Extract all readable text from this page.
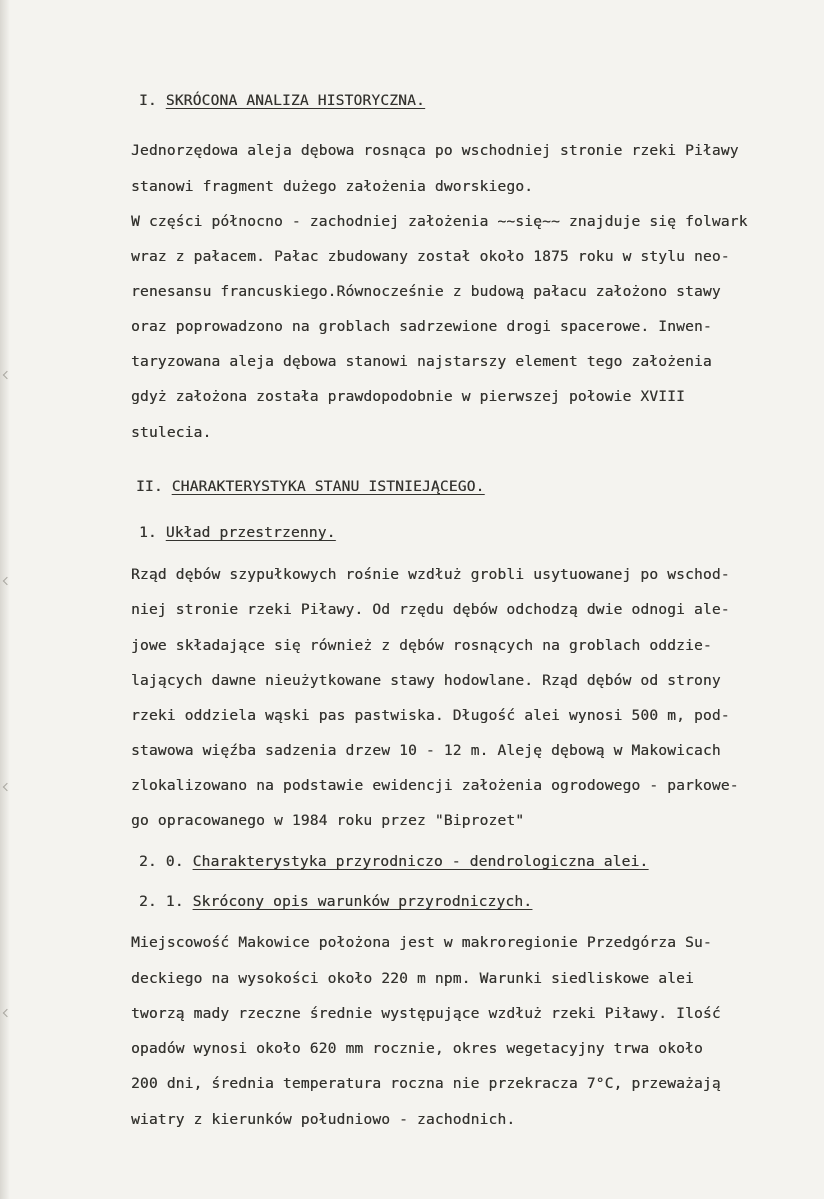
I. SKRÓCONA ANALIZA HISTORYCZNA.
Jednorzędowa aleja dębowa rosnąca po wschodniej stronie rzeki Piławy
stanowi fragment dużego założenia dworskiego.
W części północno - zachodniej założenia ~~się~~ znajduje się folwark
wraz z pałacem. Pałac zbudowany został około 1875 roku w stylu neo-
renesansu francuskiego.Równocześnie z budową pałacu założono stawy
oraz poprowadzono na groblach sadrzewione drogi spacerowe. Inwen-
taryzowana aleja dębowa stanowi najstarszy element tego założenia
gdyż założona została prawdopodobnie w pierwszej połowie XVIII
stulecia.
II. CHARAKTERYSTYKA STANU ISTNIEJĄCEGO.
1. Układ przestrzenny.
Rząd dębów szypułkowych rośnie wzdłuż grobli usytuowanej po wschod-
niej stronie rzeki Piławy. Od rzędu dębów odchodzą dwie odnogi ale-
jowe składające się również z dębów rosnących na groblach oddzie-
lających dawne nieużytkowane stawy hodowlane. Rząd dębów od strony
rzeki oddziela wąski pas pastwiska. Długość alei wynosi 500 m, pod-
stawowa więźba sadzenia drzew 10 - 12 m. Aleję dębową w Makowicach
zlokalizowano na podstawie ewidencji założenia ogrodowego - parkowe-
go opracowanego w 1984 roku przez "Biprozet"
2. 0. Charakterystyka przyrodniczo - dendrologiczna alei.
2. 1. Skrócony opis warunków przyrodniczych.
Miejscowość Makowice położona jest w makroregionie Przedgórza Su-
deckiego na wysokości około 220 m npm. Warunki siedliskowe alei
tworzą mady rzeczne średnie występujące wzdłuż rzeki Piławy. Ilość
opadów wynosi około 620 mm rocznie, okres wegetacyjny trwa około
200 dni, średnia temperatura roczna nie przekracza 7°C, przeważają
wiatry z kierunków południowo - zachodnich.
